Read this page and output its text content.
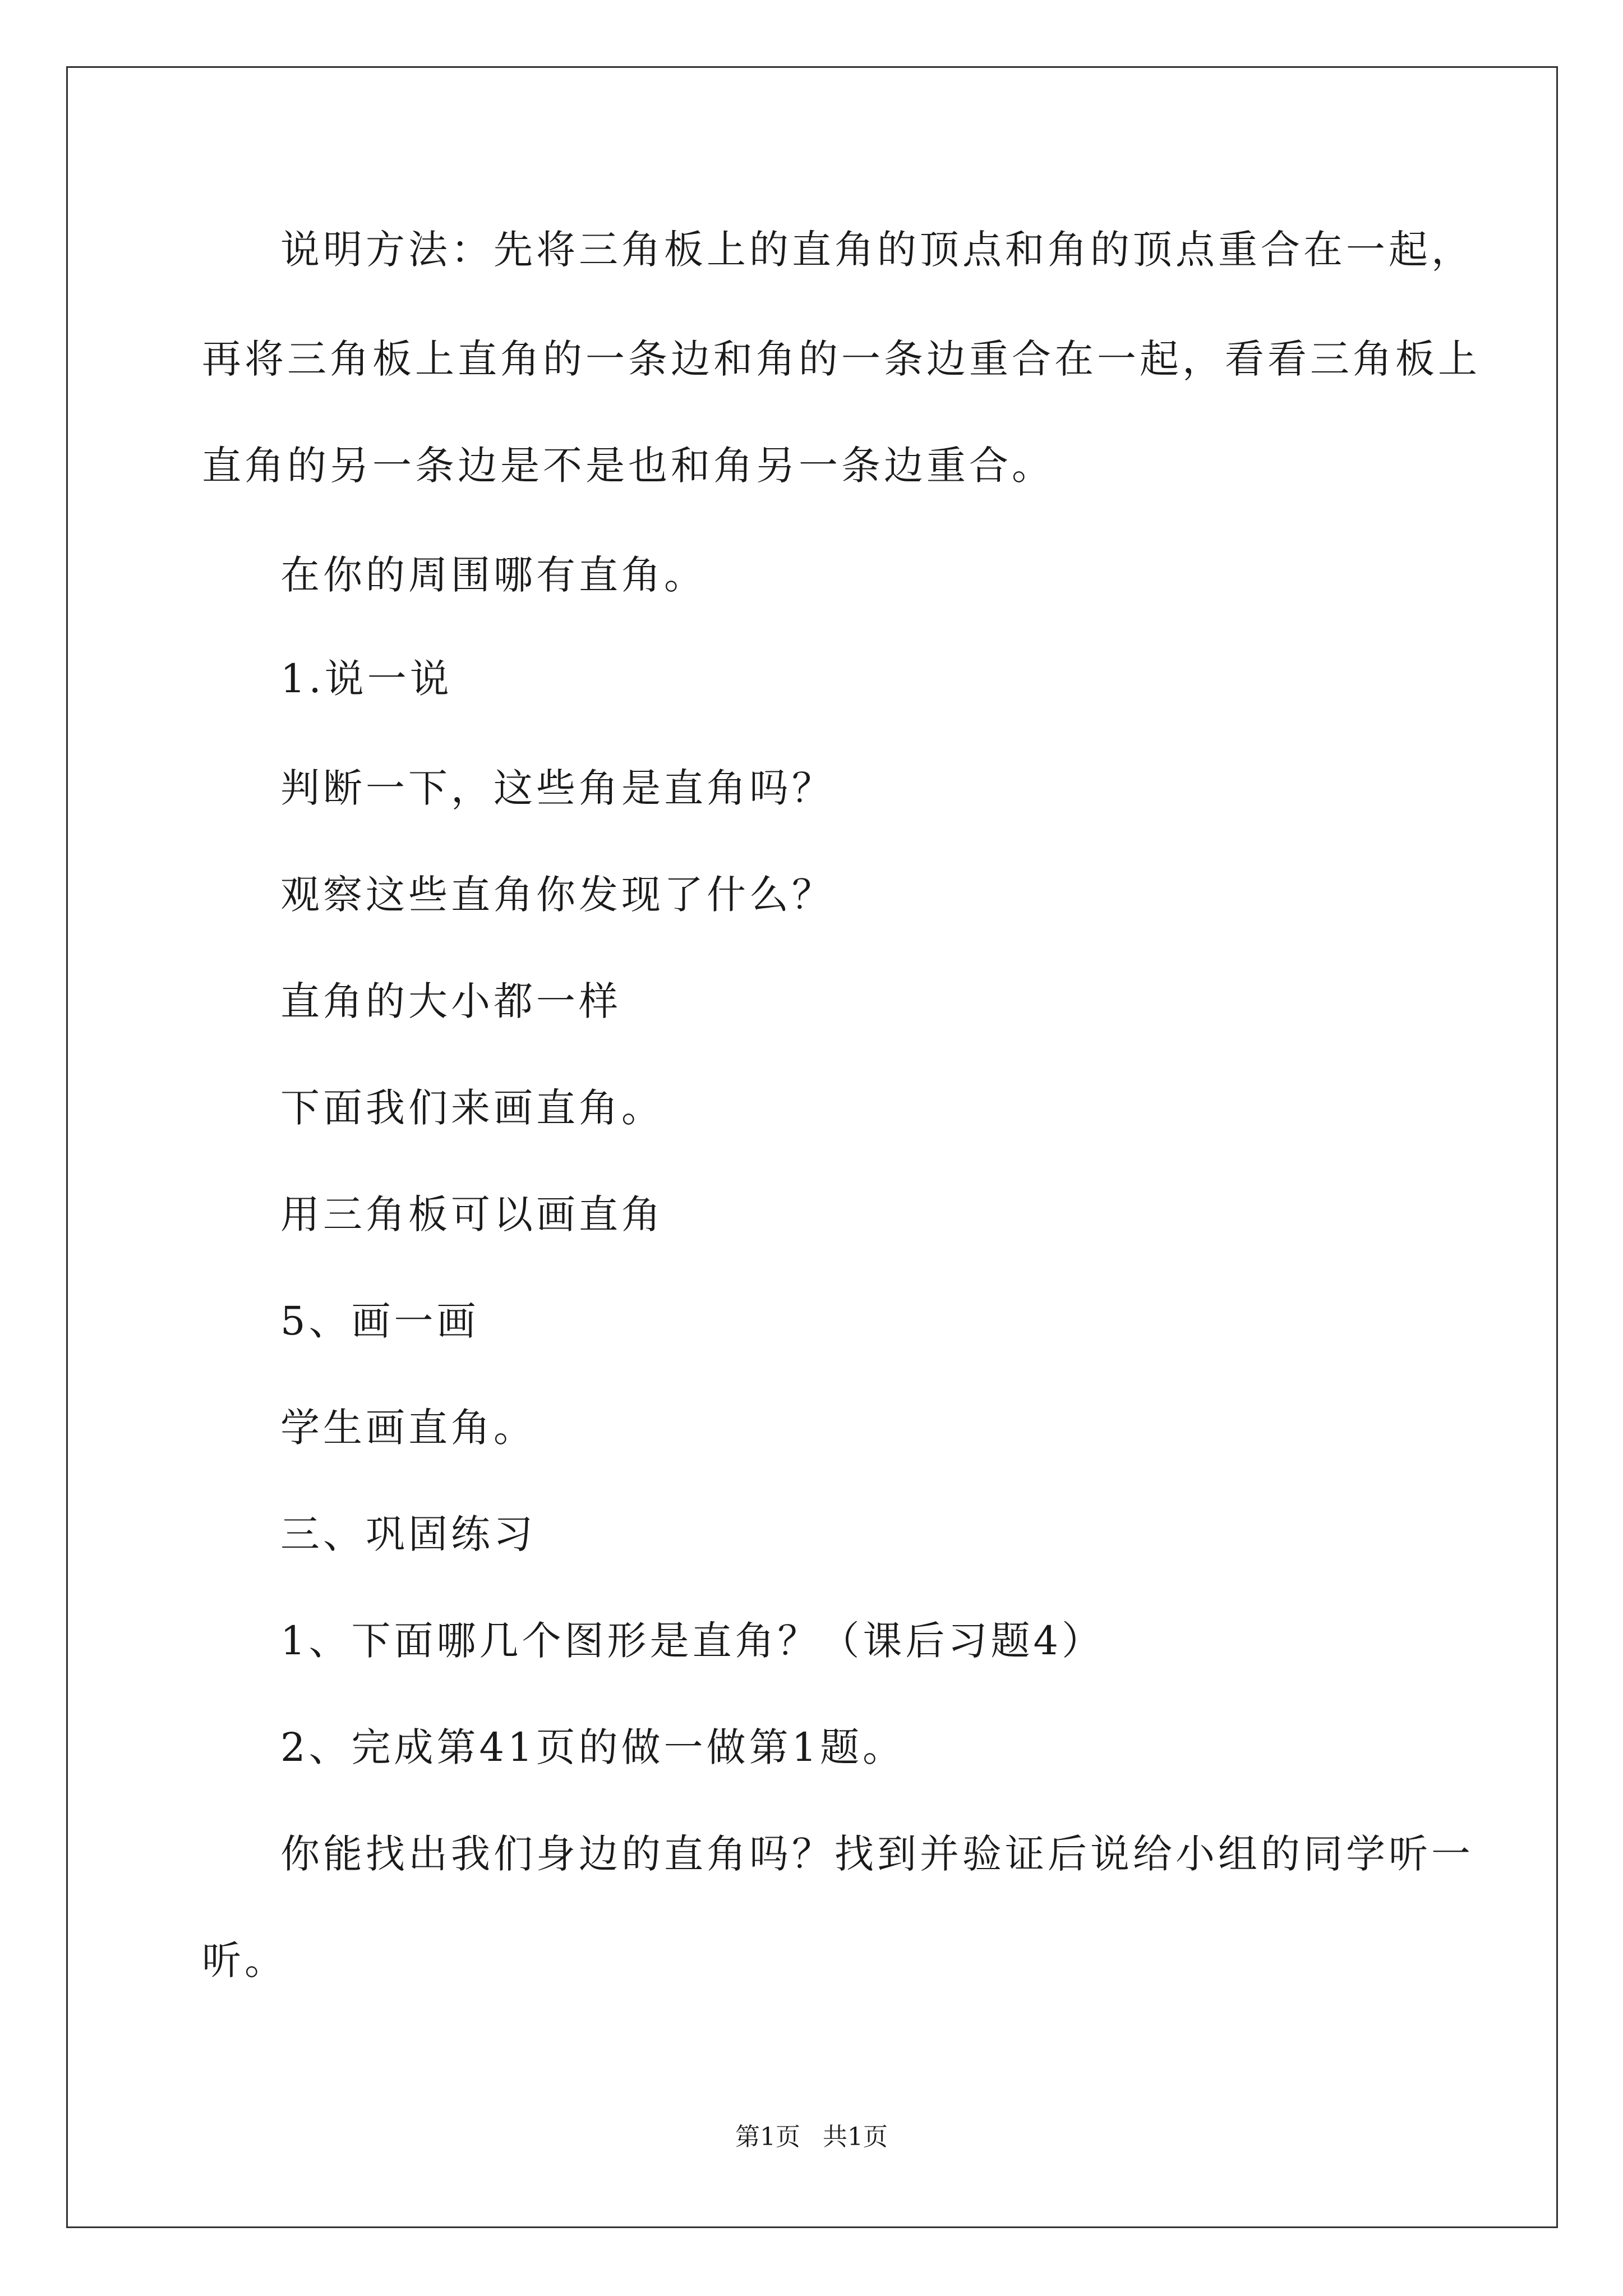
说明方法：先将三角板上的直角的顶点和角的顶点重合在一起，
再将三角板上直角的一条边和角的一条边重合在一起，看看三角板上
直角的另一条边是不是也和角另一条边重合。
在你的周围哪有直角。
1.说一说
判断一下，这些角是直角吗？
观察这些直角你发现了什么？
直角的大小都一样
下面我们来画直角。
用三角板可以画直角
5、画一画
学生画直角。
三、巩固练习
1、下面哪几个图形是直角？（课后习题4）
2、完成第41页的做一做第1题。
你能找出我们身边的直角吗？找到并验证后说给小组的同学听一
听。
第1页 共1页
